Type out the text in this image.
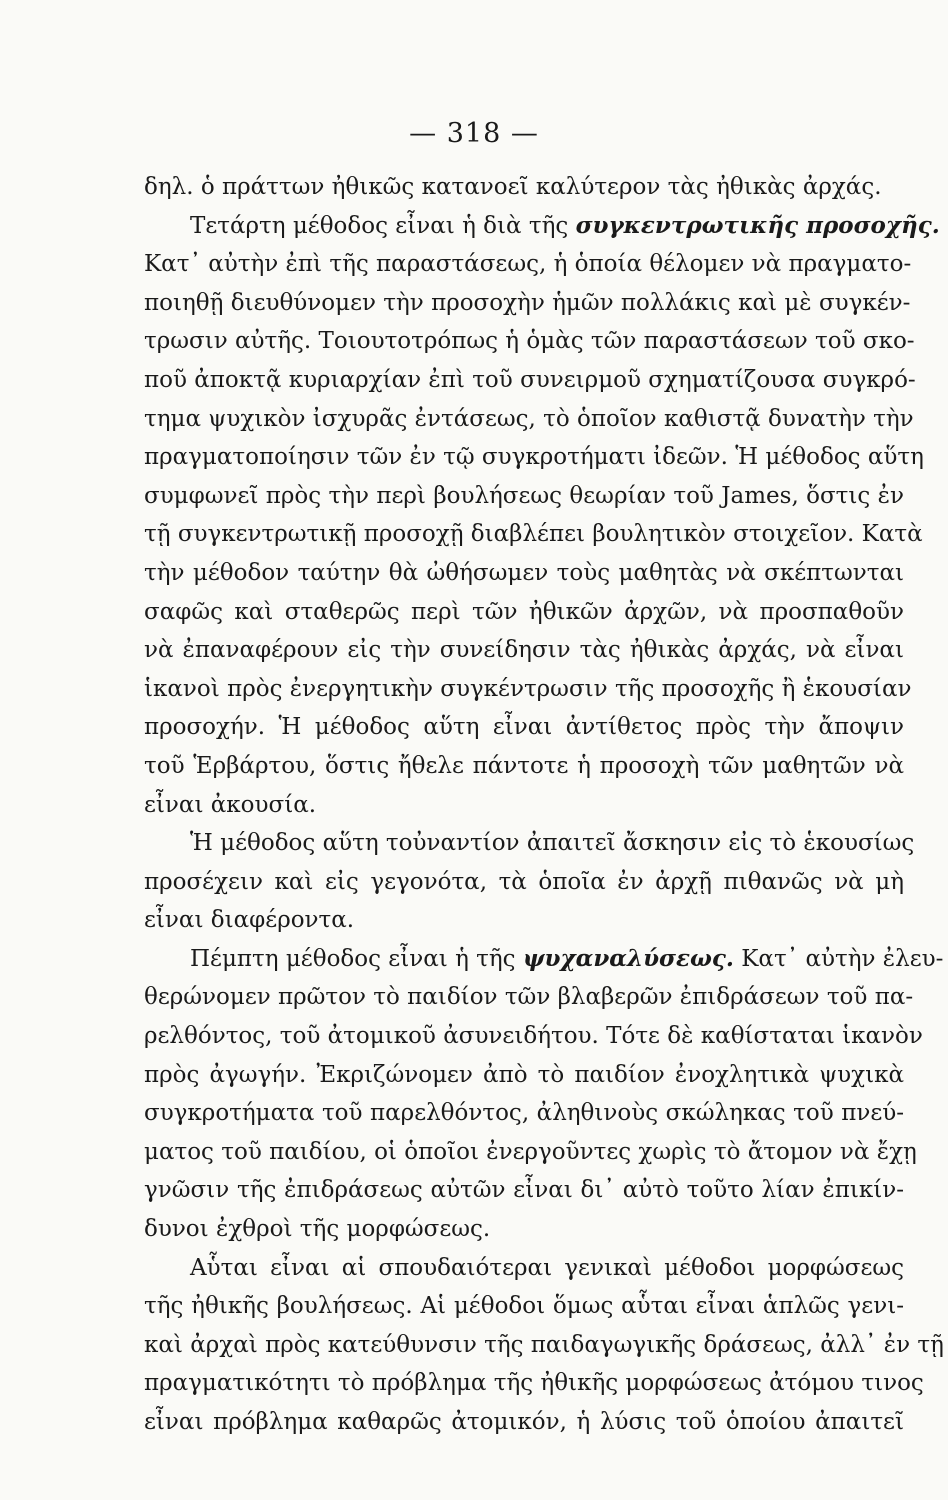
— 318 —
δηλ. ὁ πράττων ἠθικῶς κατανοεῖ καλύτερον τὰς ἠθικὰς ἀρχάς.
Τετάρτη μέθοδος εἶναι ἡ διὰ τῆς συγκεντρωτικῆς προσοχῆς.
Κατ᾽ αὐτὴν ἐπὶ τῆς παραστάσεως, ἡ ὁποία θέλομεν νὰ πραγματο-
ποιηθῇ διευθύνομεν τὴν προσοχὴν ἡμῶν πολλάκις καὶ μὲ συγκέν-
τρωσιν αὐτῆς. Τοιουτοτρόπως ἡ ὁμὰς τῶν παραστάσεων τοῦ σκο-
ποῦ ἀποκτᾷ κυριαρχίαν ἐπὶ τοῦ συνειρμοῦ σχηματίζουσα συγκρό-
τημα ψυχικὸν ἰσχυρᾶς ἐντάσεως, τὸ ὁποῖον καθιστᾷ δυνατὴν τὴν
πραγματοποίησιν τῶν ἐν τῷ συγκροτήματι ἰδεῶν. Ἡ μέθοδος αὕτη
συμφωνεῖ πρὸς τὴν περὶ βουλήσεως θεωρίαν τοῦ James, ὅστις ἐν
τῇ συγκεντρωτικῇ προσοχῇ διαβλέπει βουλητικὸν στοιχεῖον. Κατὰ
τὴν μέθοδον ταύτην θὰ ὠθήσωμεν τοὺς μαθητὰς νὰ σκέπτωνται
σαφῶς καὶ σταθερῶς περὶ τῶν ἠθικῶν ἀρχῶν, νὰ προσπαθοῦν
νὰ ἐπαναφέρουν εἰς τὴν συνείδησιν τὰς ἠθικὰς ἀρχάς, νὰ εἶναι
ἱκανοὶ πρὸς ἐνεργητικὴν συγκέντρωσιν τῆς προσοχῆς ἢ ἑκουσίαν
προσοχήν. Ἡ μέθοδος αὕτη εἶναι ἀντίθετος πρὸς τὴν ἄποψιν
τοῦ Ἑρβάρτου, ὅστις ἤθελε πάντοτε ἡ προσοχὴ τῶν μαθητῶν νὰ
εἶναι ἀκουσία.
Ἡ μέθοδος αὕτη τοὐναντίον ἀπαιτεῖ ἄσκησιν εἰς τὸ ἑκουσίως
προσέχειν καὶ εἰς γεγονότα, τὰ ὁποῖα ἐν ἀρχῇ πιθανῶς νὰ μὴ
εἶναι διαφέροντα.
Πέμπτη μέθοδος εἶναι ἡ τῆς ψυχαναλύσεως. Κατ᾽ αὐτὴν ἐλευ-
θερώνομεν πρῶτον τὸ παιδίον τῶν βλαβερῶν ἐπιδράσεων τοῦ πα-
ρελθόντος, τοῦ ἀτομικοῦ ἀσυνειδήτου. Τότε δὲ καθίσταται ἱκανὸν
πρὸς ἀγωγήν. Ἐκριζώνομεν ἀπὸ τὸ παιδίον ἐνοχλητικὰ ψυχικὰ
συγκροτήματα τοῦ παρελθόντος, ἀληθινοὺς σκώληκας τοῦ πνεύ-
ματος τοῦ παιδίου, οἱ ὁποῖοι ἐνεργοῦντες χωρὶς τὸ ἄτομον νὰ ἔχῃ
γνῶσιν τῆς ἐπιδράσεως αὐτῶν εἶναι δι᾽ αὐτὸ τοῦτο λίαν ἐπικίν-
δυνοι ἐχθροὶ τῆς μορφώσεως.
Αὗται εἶναι αἱ σπουδαιότεραι γενικαὶ μέθοδοι μορφώσεως
τῆς ἠθικῆς βουλήσεως. Αἱ μέθοδοι ὅμως αὗται εἶναι ἁπλῶς γενι-
καὶ ἀρχαὶ πρὸς κατεύθυνσιν τῆς παιδαγωγικῆς δράσεως, ἀλλ᾽ ἐν τῇ
πραγματικότητι τὸ πρόβλημα τῆς ἠθικῆς μορφώσεως ἀτόμου τινος
εἶναι πρόβλημα καθαρῶς ἀτομικόν, ἡ λύσις τοῦ ὁποίου ἀπαιτεῖ
